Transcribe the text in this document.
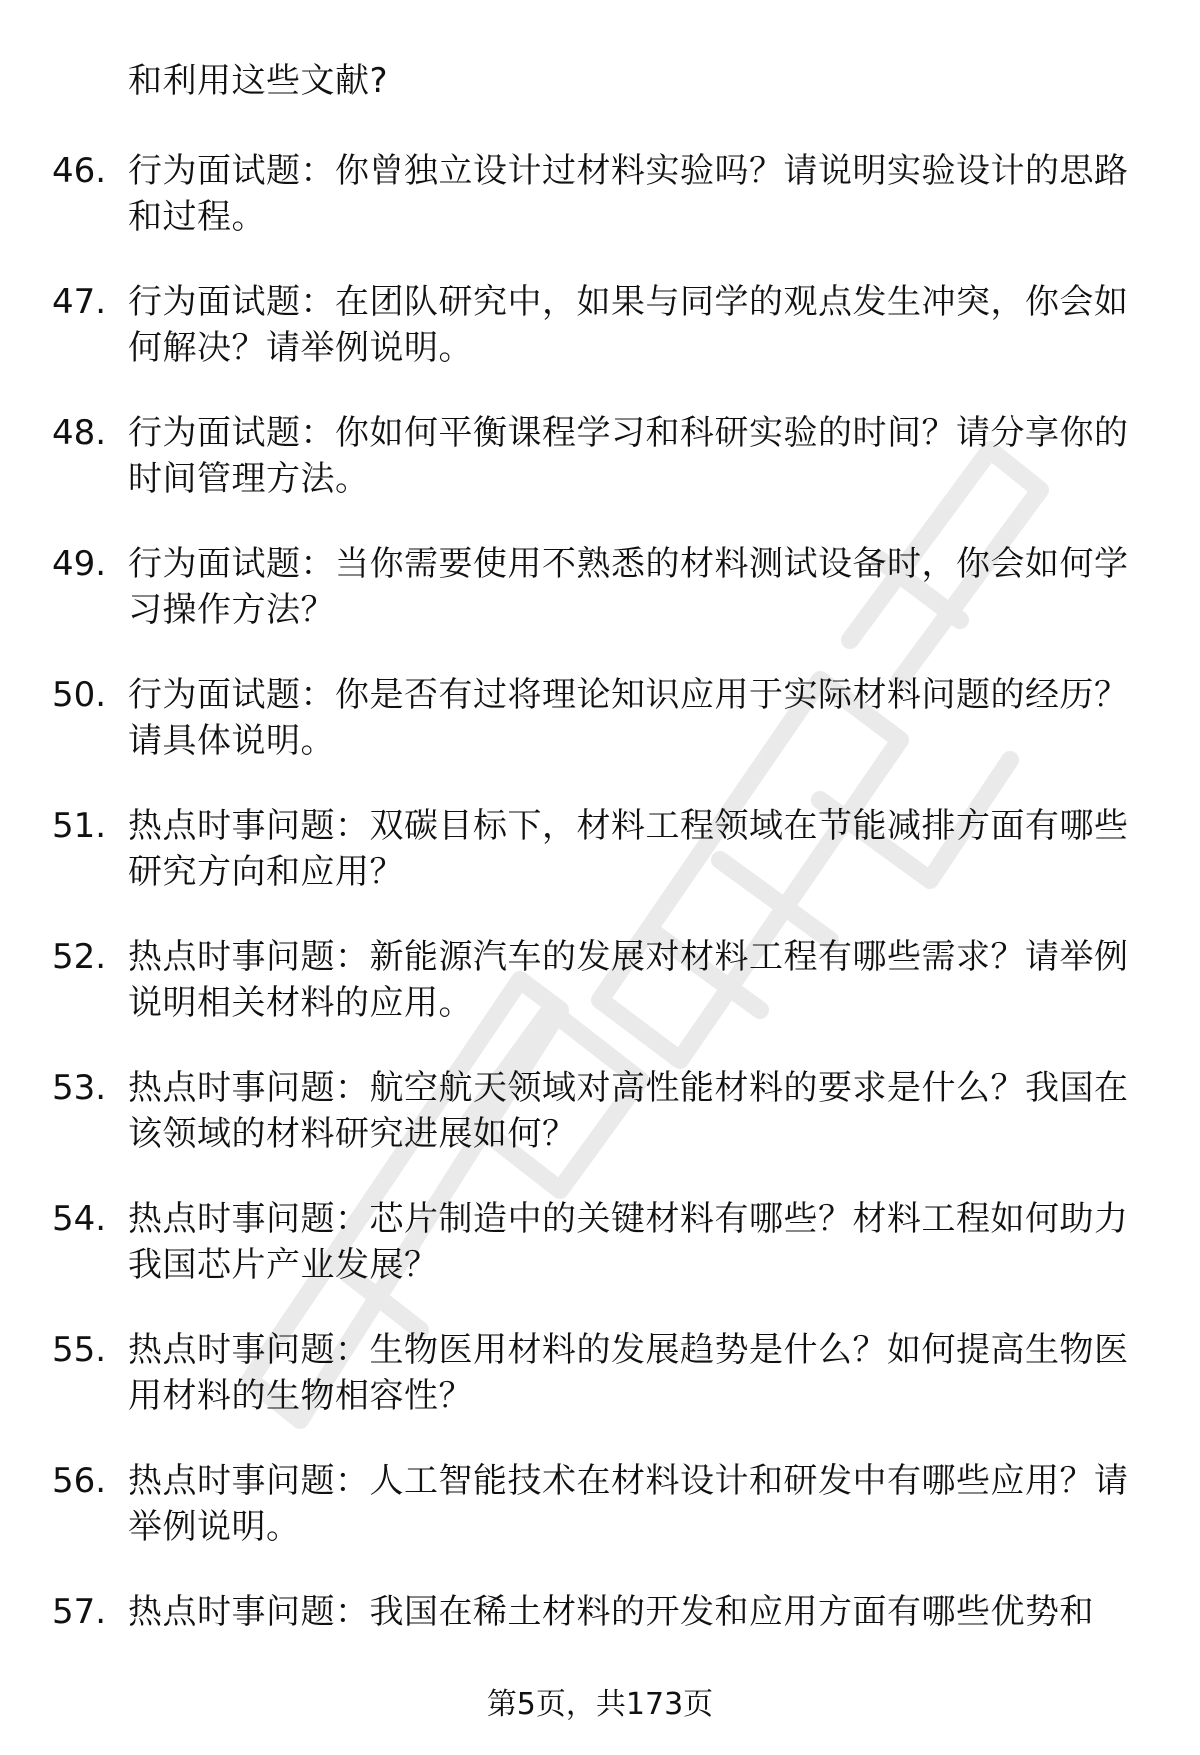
和利用这些文献?
46. 行为面试题：你曾独立设计过材料实验吗？请说明实验设计的思路和过程。
47. 行为面试题：在团队研究中，如果与同学的观点发生冲突，你会如何解决？请举例说明。
48. 行为面试题：你如何平衡课程学习和科研实验的时间？请分享你的时间管理方法。
49. 行为面试题：当你需要使用不熟悉的材料测试设备时，你会如何学习操作方法？
50. 行为面试题：你是否有过将理论知识应用于实际材料问题的经历？请具体说明。
51. 热点时事问题：双碳目标下，材料工程领域在节能减排方面有哪些研究方向和应用？
52. 热点时事问题：新能源汽车的发展对材料工程有哪些需求？请举例说明相关材料的应用。
53. 热点时事问题：航空航天领域对高性能材料的要求是什么？我国在该领域的材料研究进展如何？
54. 热点时事问题：芯片制造中的关键材料有哪些？材料工程如何助力我国芯片产业发展？
55. 热点时事问题：生物医用材料的发展趋势是什么？如何提高生物医用材料的生物相容性？
56. 热点时事问题：人工智能技术在材料设计和研发中有哪些应用？请举例说明。
57. 热点时事问题：我国在稀土材料的开发和应用方面有哪些优势和
第5页，共173页
